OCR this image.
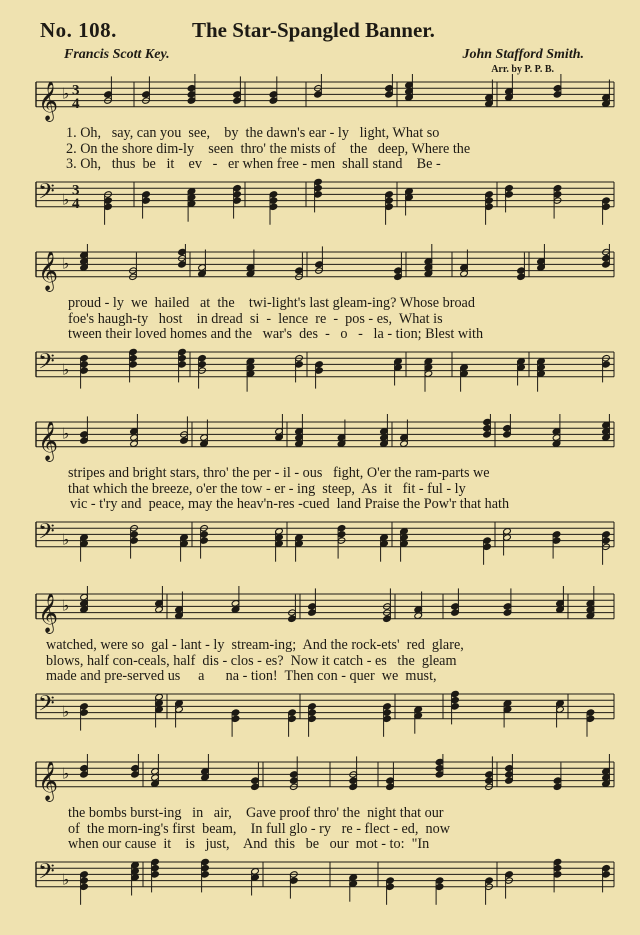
No. 108.	The Star-Spangled Banner.
Francis Scott Key.	John Stafford Smith.
Arr. by P. P. B.
𝄞 ♭ 3
4
1. Oh,   say, can you  see,    by  the dawn's ear - ly   light, What so
2. On the shore dim-ly    seen  thro' the mists of    the   deep, Where the
3. Oh,   thus  be   it    ev   -   er when free - men  shall stand    Be -
𝄢 ♭
3
4
𝄞 ♭
proud - ly  we  hailed   at  the    twi-light's last gleam-ing? Whose broad
foe's haugh-ty   host    in dread  si  -  lence  re  -  pos - es,  What is
tween their loved homes and the   war's  des  -   o   -   la - tion; Blest with
𝄢 ♭
𝄞 ♭
stripes and bright stars, thro' the per - il - ous   fight, O'er the ram-parts we
that which the breeze, o'er the tow - er - ing  steep,  As  it   fit - ful - ly
vic - t'ry and  peace, may the heav'n-res -cued  land Praise the Pow'r that hath
𝄢 ♭
𝄞 ♭
watched, were so  gal - lant - ly  stream-ing;  And the rock-ets'  red  glare,
blows, half con-ceals, half  dis - clos - es?  Now it catch - es   the  gleam
made and pre-served us     a      na - tion!  Then con - quer  we  must,
𝄢 ♭
𝄞 ♭
the bombs burst-ing   in   air,    Gave proof thro' the  night that our
of  the morn-ing's first  beam,    In full glo - ry   re - flect - ed,  now
when our cause  it    is   just,    And  this   be   our  mot - to:  "In
𝄢 ♭
